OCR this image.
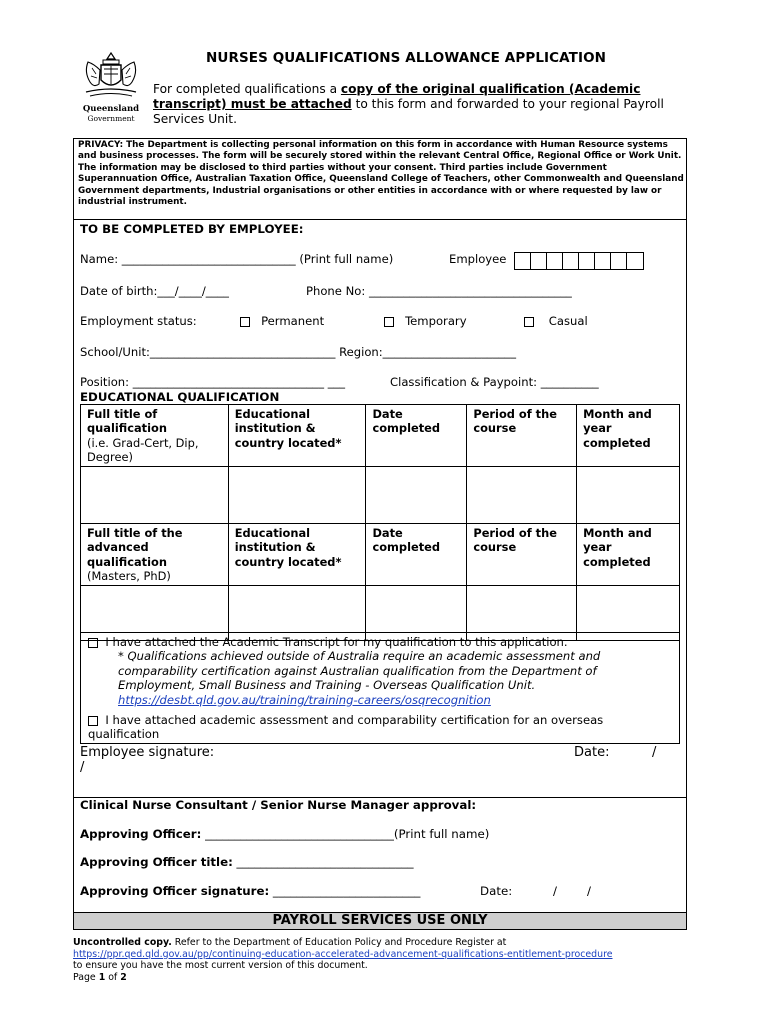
Queensland
Government
NURSES QUALIFICATIONS ALLOWANCE APPLICATION
For completed qualifications a copy of the original qualification (Academic transcript) must be attached to this form and forwarded to your regional Payroll Services Unit.
PRIVACY: The Department is collecting personal information on this form in accordance with Human Resource systems and business processes. The form will be securely stored within the relevant Central Office, Regional Office or Work Unit. The information may be disclosed to third parties without your consent. Third parties include Government Superannuation Office, Australian Taxation Office, Queensland College of Teachers, other Commonwealth and Queensland Government departments, Industrial organisations or other entities in accordance with or where requested by law or industrial instrument.
TO BE COMPLETED BY EMPLOYEE:
Name: ______________________________ (Print full name)	Employee
Date of birth:___/____/____	Phone No: ___________________________________
Employment status:	Permanent	Temporary	Casual
School/Unit:________________________________ Region:_______________________
Position: _________________________________ ___	Classification & Paypoint: __________
EDUCATIONAL QUALIFICATION
Full title of qualification
(i.e. Grad-Cert, Dip, Degree)	Educational institution & country located*	Date completed	Period of the course	Month and year completed

Full title of the advanced qualification
(Masters, PhD)	Educational institution & country located*	Date completed	Period of the course	Month and year completed

I have attached the Academic Transcript for my qualification to this application.
* Qualifications achieved outside of Australia require an academic assessment and comparability certification against Australian qualification from the Department of Employment, Small Business and Training - Overseas Qualification Unit.
https://desbt.qld.gov.au/training/training-careers/osqrecognition
I have attached academic assessment and comparability certification for an overseas qualification
Employee signature:	Date:	/
/
Clinical Nurse Consultant / Senior Nurse Manager approval:
Approving Officer: ________________________________(Print full name)
Approving Officer title: ______________________________
Approving Officer signature: _________________________	Date:	/        /
PAYROLL SERVICES USE ONLY
Uncontrolled copy. Refer to the Department of Education Policy and Procedure Register at
https://ppr.qed.qld.gov.au/pp/continuing-education-accelerated-advancement-qualifications-entitlement-procedure
to ensure you have the most current version of this document.
Page 1 of 2
